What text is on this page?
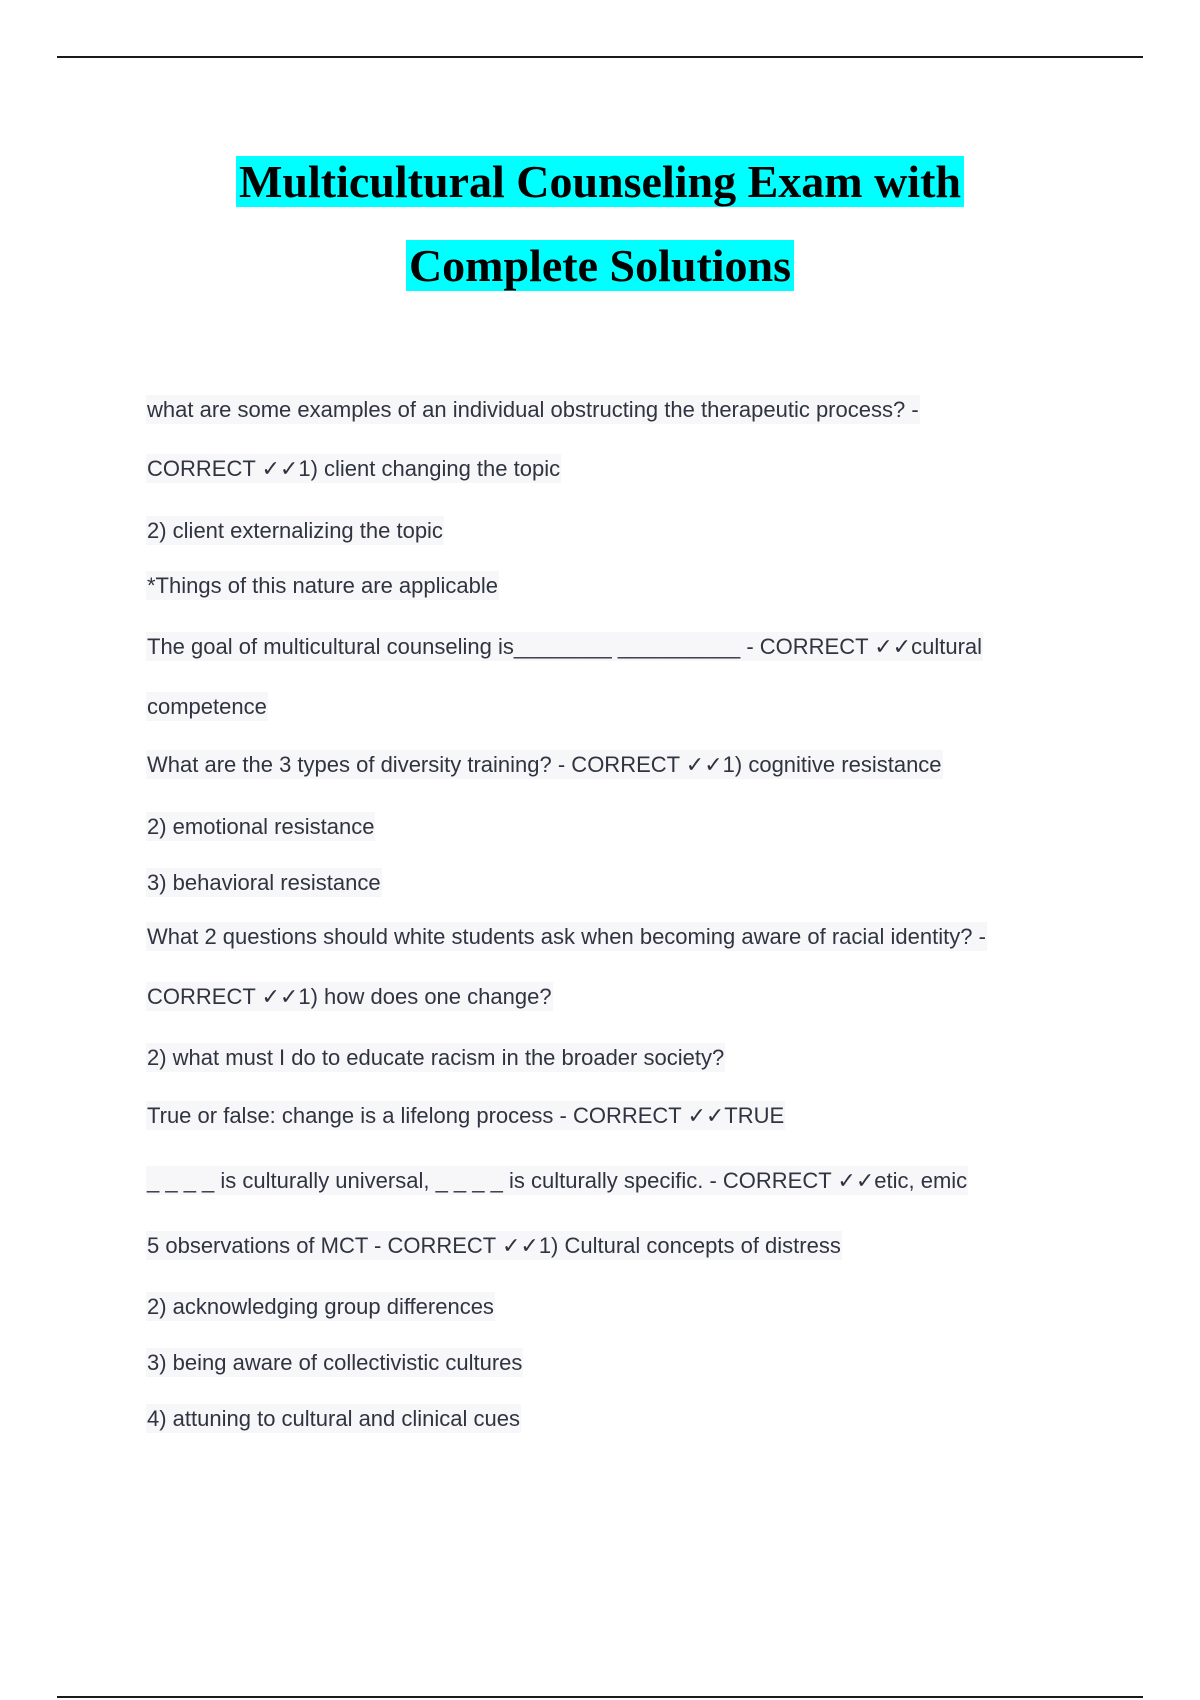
Multicultural Counseling Exam with
Complete Solutions

what are some examples of an individual obstructing the therapeutic process? -

CORRECT ✓✓1) client changing the topic

2) client externalizing the topic

*Things of this nature are applicable

The goal of multicultural counseling is________ __________ - CORRECT ✓✓cultural

competence

What are the 3 types of diversity training? - CORRECT ✓✓1) cognitive resistance

2) emotional resistance

3) behavioral resistance

What 2 questions should white students ask when becoming aware of racial identity? -

CORRECT ✓✓1) how does one change?

2) what must I do to educate racism in the broader society?

True or false: change is a lifelong process - CORRECT ✓✓TRUE

_ _ _ _ is culturally universal, _ _ _ _ is culturally specific. - CORRECT ✓✓etic, emic

5 observations of MCT - CORRECT ✓✓1) Cultural concepts of distress

2) acknowledging group differences

3) being aware of collectivistic cultures

4) attuning to cultural and clinical cues
